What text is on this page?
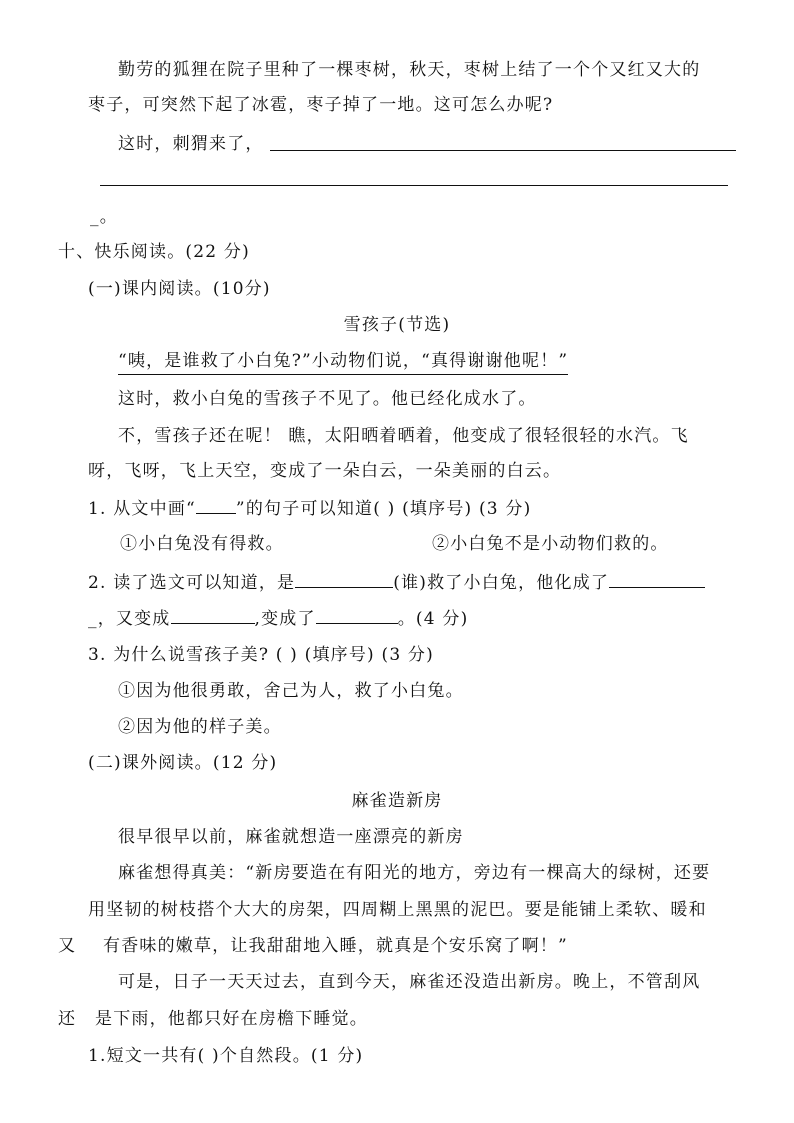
勤劳的狐狸在院子里种了一棵枣树，秋天，枣树上结了一个个又红又大的
枣子，可突然下起了冰雹，枣子掉了一地。这可怎么办呢?
这时，刺猬来了，
_。
十、快乐阅读。(22 分)
(一)课内阅读。(10分)
雪孩子(节选)
“咦，是谁救了小白兔?”小动物们说，“真得谢谢他呢！”
这时，救小白兔的雪孩子不见了。他已经化成水了。
不，雪孩子还在呢！ 瞧，太阳晒着晒着，他变成了很轻很轻的水汽。飞
呀，飞呀，飞上天空，变成了一朵白云，一朵美丽的白云。
1. 从文中画“ ”的句子可以知道( ) (填序号) (3 分)
①小白兔没有得救。	②小白兔不是小动物们救的。
2. 读了选文可以知道，是	(谁)救了小白兔，他化成了
_，又变成	,变成了	。(4 分)
3. 为什么说雪孩子美? ( ) (填序号) (3 分)
①因为他很勇敢，舍己为人，救了小白兔。
②因为他的样子美。
(二)课外阅读。(12 分)
麻雀造新房
很早很早以前，麻雀就想造一座漂亮的新房
麻雀想得真美：“新房要造在有阳光的地方，旁边有一棵高大的绿树，还要
用坚韧的树枝搭个大大的房架，四周糊上黑黑的泥巴。要是能铺上柔软、暖和
又 有香味的嫩草，让我甜甜地入睡，就真是个安乐窝了啊！”
可是，日子一天天过去，直到今天，麻雀还没造出新房。晚上，不管刮风
还 是下雨，他都只好在房檐下睡觉。
1.短文一共有( )个自然段。(1 分)
